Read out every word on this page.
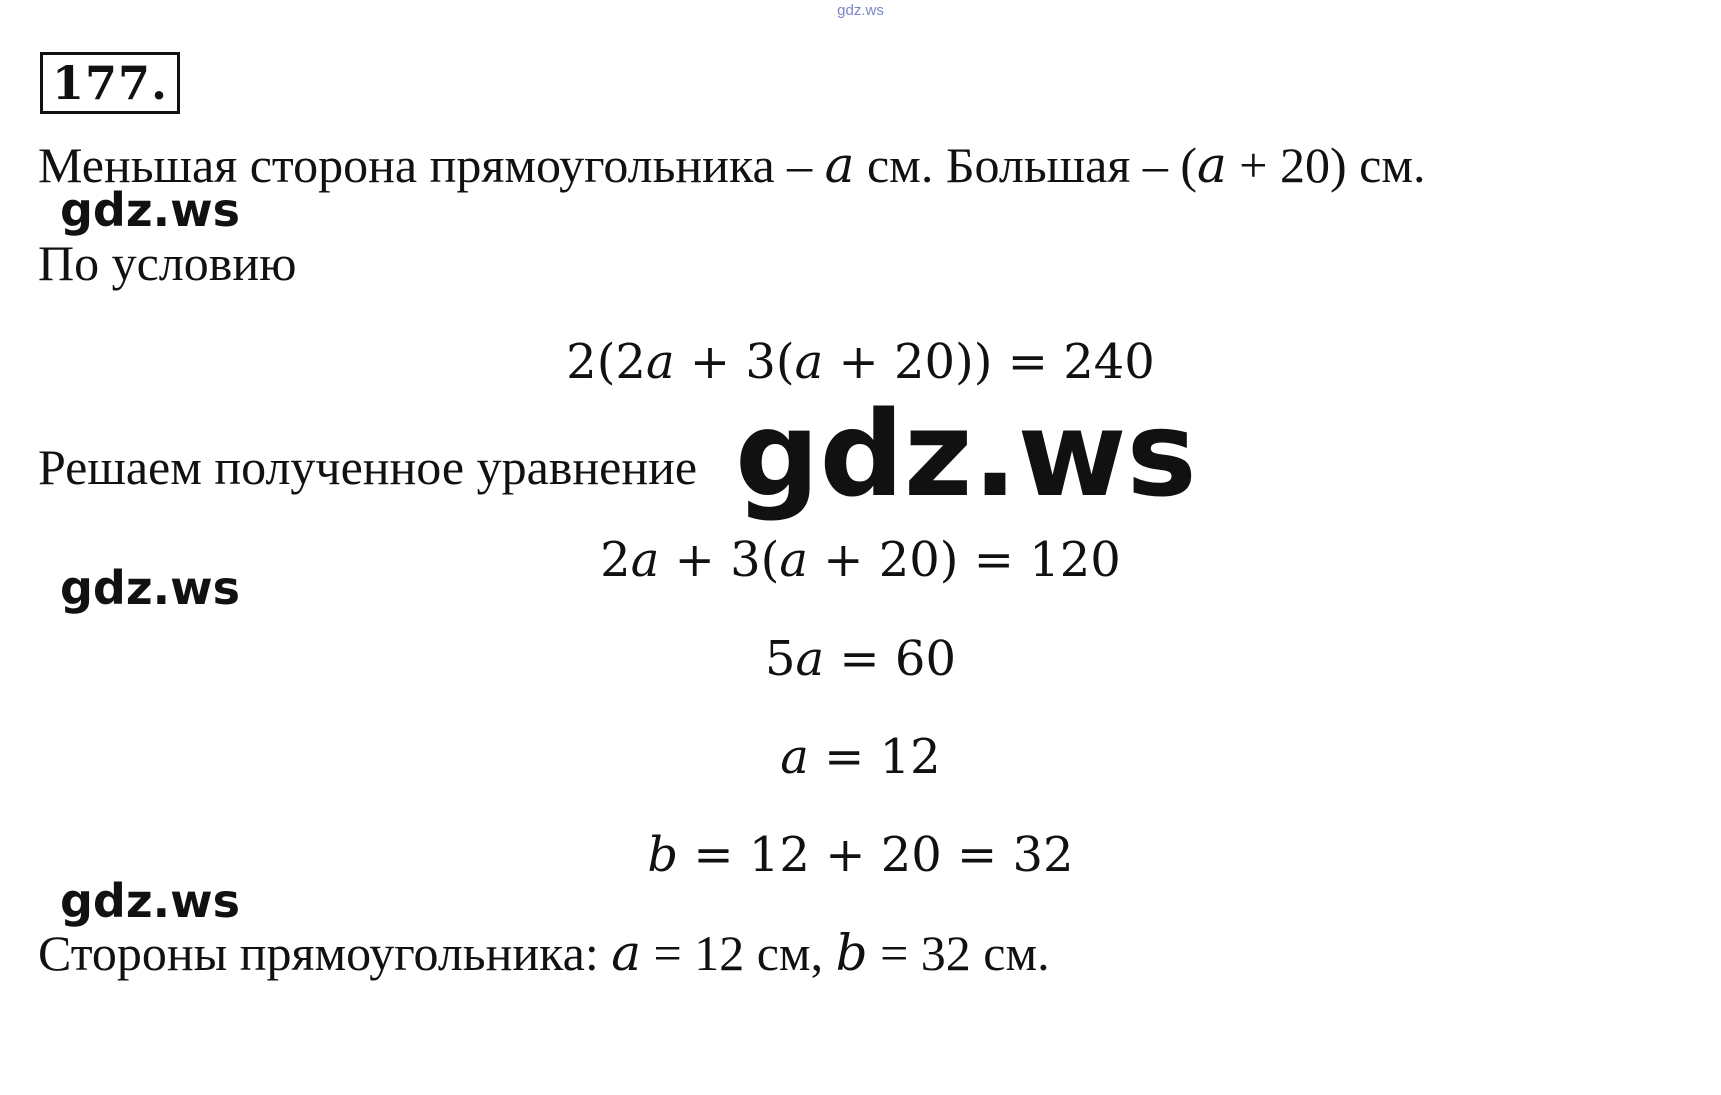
gdz.ws
177.
Меньшая сторона прямоугольника – a см. Большая – (a + 20) см.
gdz.ws
По условию
2(2a + 3(a + 20)) = 240
Решаем полученное уравнение gdz.ws
gdz.ws	2a + 3(a + 20) = 120
5a = 60
a = 12
b = 12 + 20 = 32
gdz.ws
Стороны прямоугольника: a = 12 см, b = 32 см.
